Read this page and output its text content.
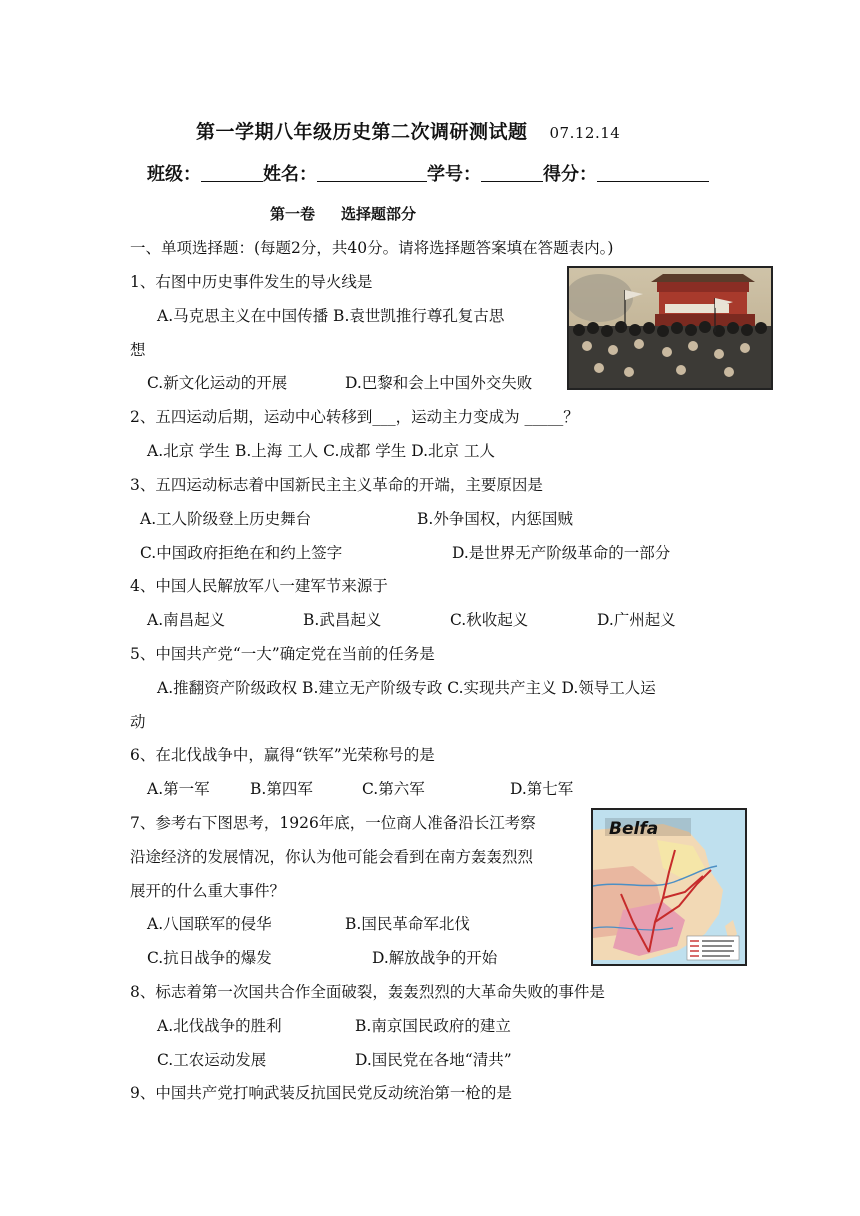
第一学期八年级历史第二次调研测试题 07.12.14
班级：	姓名：	学号：	得分：
第一卷 选择题部分
一、单项选择题：(每题2分，共40分。请将选择题答案填在答题表内。)
1、右图中历史事件发生的导火线是
A.马克思主义在中国传播 B.袁世凯推行尊孔复古思
想
C.新文化运动的开展	D.巴黎和会上中国外交失败
2、五四运动后期，运动中心转移到___，运动主力变成为 _____？
A.北京 学生 B.上海 工人 C.成都 学生 D.北京 工人
3、五四运动标志着中国新民主主义革命的开端，主要原因是
A.工人阶级登上历史舞台	B.外争国权，内惩国贼
C.中国政府拒绝在和约上签字	D.是世界无产阶级革命的一部分
4、中国人民解放军八一建军节来源于
A.南昌起义	B.武昌起义	C.秋收起义	D.广州起义
5、中国共产党“一大”确定党在当前的任务是
A.推翻资产阶级政权 B.建立无产阶级专政 C.实现共产主义 D.领导工人运
动
6、在北伐战争中，赢得“铁军”光荣称号的是
A.第一军	B.第四军	C.第六军	D.第七军
7、参考右下图思考，1926年底，一位商人准备沿长江考察
沿途经济的发展情况，你认为他可能会看到在南方轰轰烈烈
展开的什么重大事件？
A.八国联军的侵华	B.国民革命军北伐
C.抗日战争的爆发	D.解放战争的开始
Belfa
8、标志着第一次国共合作全面破裂，轰轰烈烈的大革命失败的事件是
A.北伐战争的胜利	B.南京国民政府的建立
C.工农运动发展	D.国民党在各地“清共”
9、中国共产党打响武装反抗国民党反动统治第一枪的是
